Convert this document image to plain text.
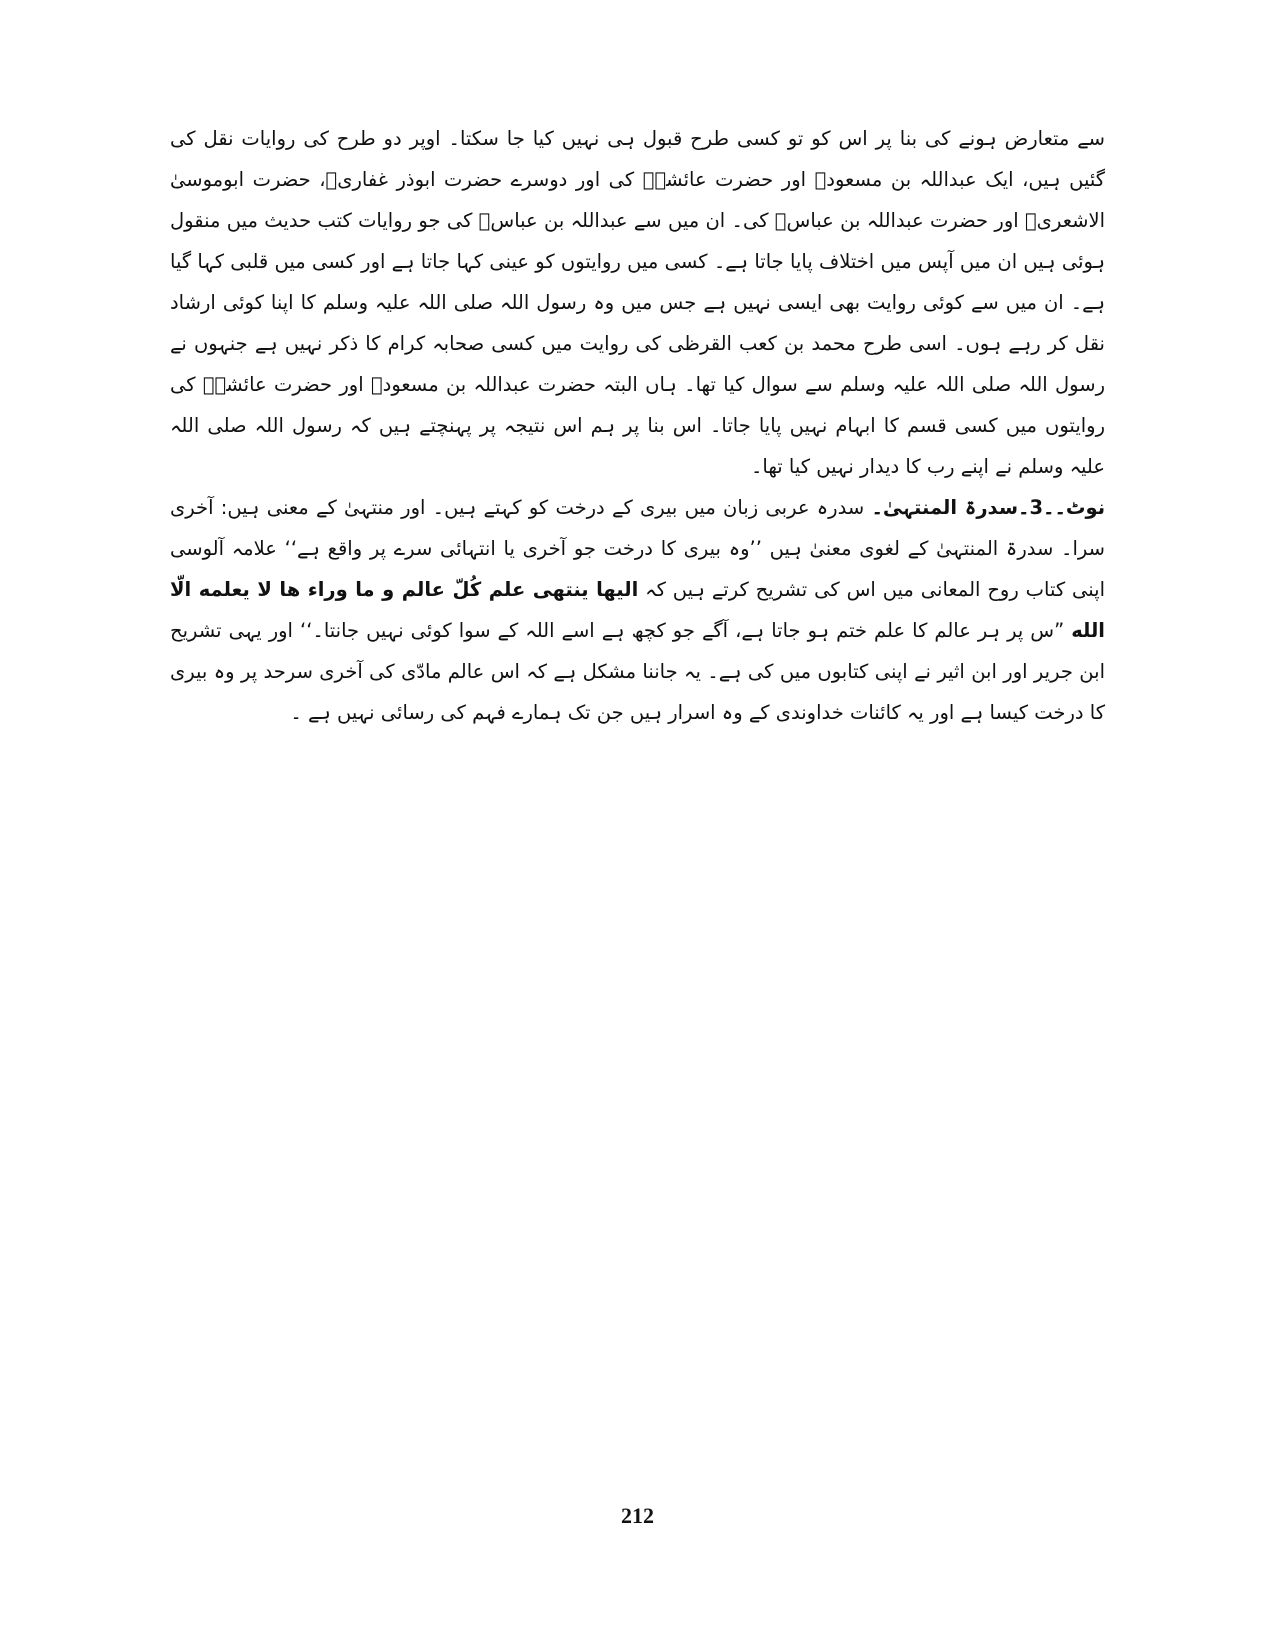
سے متعارض ہونے کی بنا پر اس کو تو کسی طرح قبول ہی نہیں کیا جا سکتا۔ اوپر دو طرح کی روایات نقل کی گئیں ہیں، ایک عبداللہ بن مسعودؓ اور حضرت عائشہؓ کی اور دوسرے حضرت ابوذر غفاریؓ، حضرت ابوموسیٰ الاشعریؓ اور حضرت عبداللہ بن عباسؓ کی۔ ان میں سے عبداللہ بن عباسؓ کی جو روایات کتب حدیث میں منقول ہوئی ہیں ان میں آپس میں اختلاف پایا جاتا ہے۔ کسی میں روایتوں کو عینی کہا جاتا ہے اور کسی میں قلبی کہا گیا ہے۔ ان میں سے کوئی روایت بھی ایسی نہیں ہے جس میں وہ رسول اللہ صلی اللہ علیہ وسلم کا اپنا کوئی ارشاد نقل کر رہے ہوں۔ اسی طرح محمد بن کعب القرظی کی روایت میں کسی صحابہ کرام کا ذکر نہیں ہے جنہوں نے رسول اللہ صلی اللہ علیہ وسلم سے سوال کیا تھا۔ ہاں البتہ حضرت عبداللہ بن مسعودؓ اور حضرت عائشہؓ کی روایتوں میں کسی قسم کا ابہام نہیں پایا جاتا۔ اس بنا پر ہم اس نتیجہ پر پہنچتے ہیں کہ رسول اللہ صلی اللہ علیہ وسلم نے اپنے رب کا دیدار نہیں کیا تھا۔

نوٹ۔۔3۔سدرۃ المنتہیٰ۔ سدرہ عربی زبان میں بیری کے درخت کو کہتے ہیں۔ اور منتہیٰ کے معنی ہیں: آخری سرا۔ سدرۃ المنتہیٰ کے لغوی معنیٰ ہیں ’’وہ بیری کا درخت جو آخری یا انتہائی سرے پر واقع ہے‘‘ علامہ آلوسی اپنی کتاب روح المعانی میں اس کی تشریح کرتے ہیں کہ الیھا ینتھی علم کُلّ عالم و ما وراء ھا لا یعلمه الّا الله ”س پر ہر عالم کا علم ختم ہو جاتا ہے، آگے جو کچھ ہے اسے اللہ کے سوا کوئی نہیں جانتا۔‘‘ اور یہی تشریح ابن جریر اور ابن اثیر نے اپنی کتابوں میں کی ہے۔ یہ جاننا مشکل ہے کہ اس عالم مادّی کی آخری سرحد پر وہ بیری کا درخت کیسا ہے اور یہ کائنات خداوندی کے وہ اسرار ہیں جن تک ہمارے فہم کی رسائی نہیں ہے ۔

212
